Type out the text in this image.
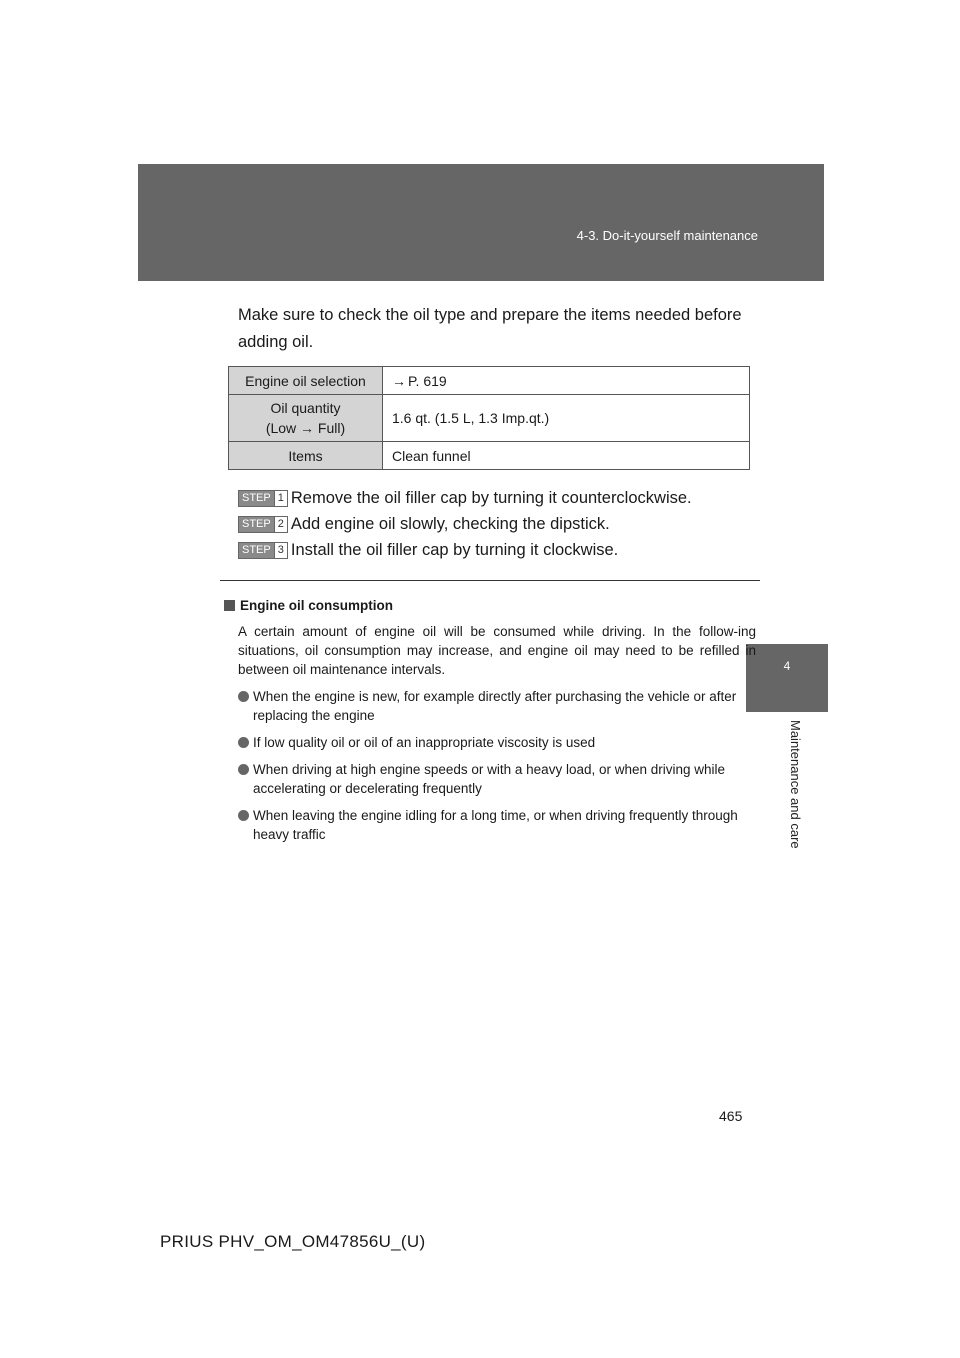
4-3. Do-it-yourself maintenance
4
Maintenance and care
Make sure to check the oil type and prepare the items needed before adding oil.
Engine oil selection	→ P. 619

Oil quantity
(Low → Full)	1.6 qt. (1.5 L, 1.3 Imp.qt.)
Items	Clean funnel
STEP 1 Remove the oil filler cap by turning it counterclockwise.
STEP 2 Add engine oil slowly, checking the dipstick.
STEP 3 Install the oil filler cap by turning it clockwise.
Engine oil consumption
A certain amount of engine oil will be consumed while driving. In the follow-ing situations, oil consumption may increase, and engine oil may need to be refilled in between oil maintenance intervals.
When the engine is new, for example directly after purchasing the vehicle or after replacing the engine
If low quality oil or oil of an inappropriate viscosity is used
When driving at high engine speeds or with a heavy load, or when driving while accelerating or decelerating frequently
When leaving the engine idling for a long time, or when driving frequently through heavy traffic
465
PRIUS PHV_OM_OM47856U_(U)
